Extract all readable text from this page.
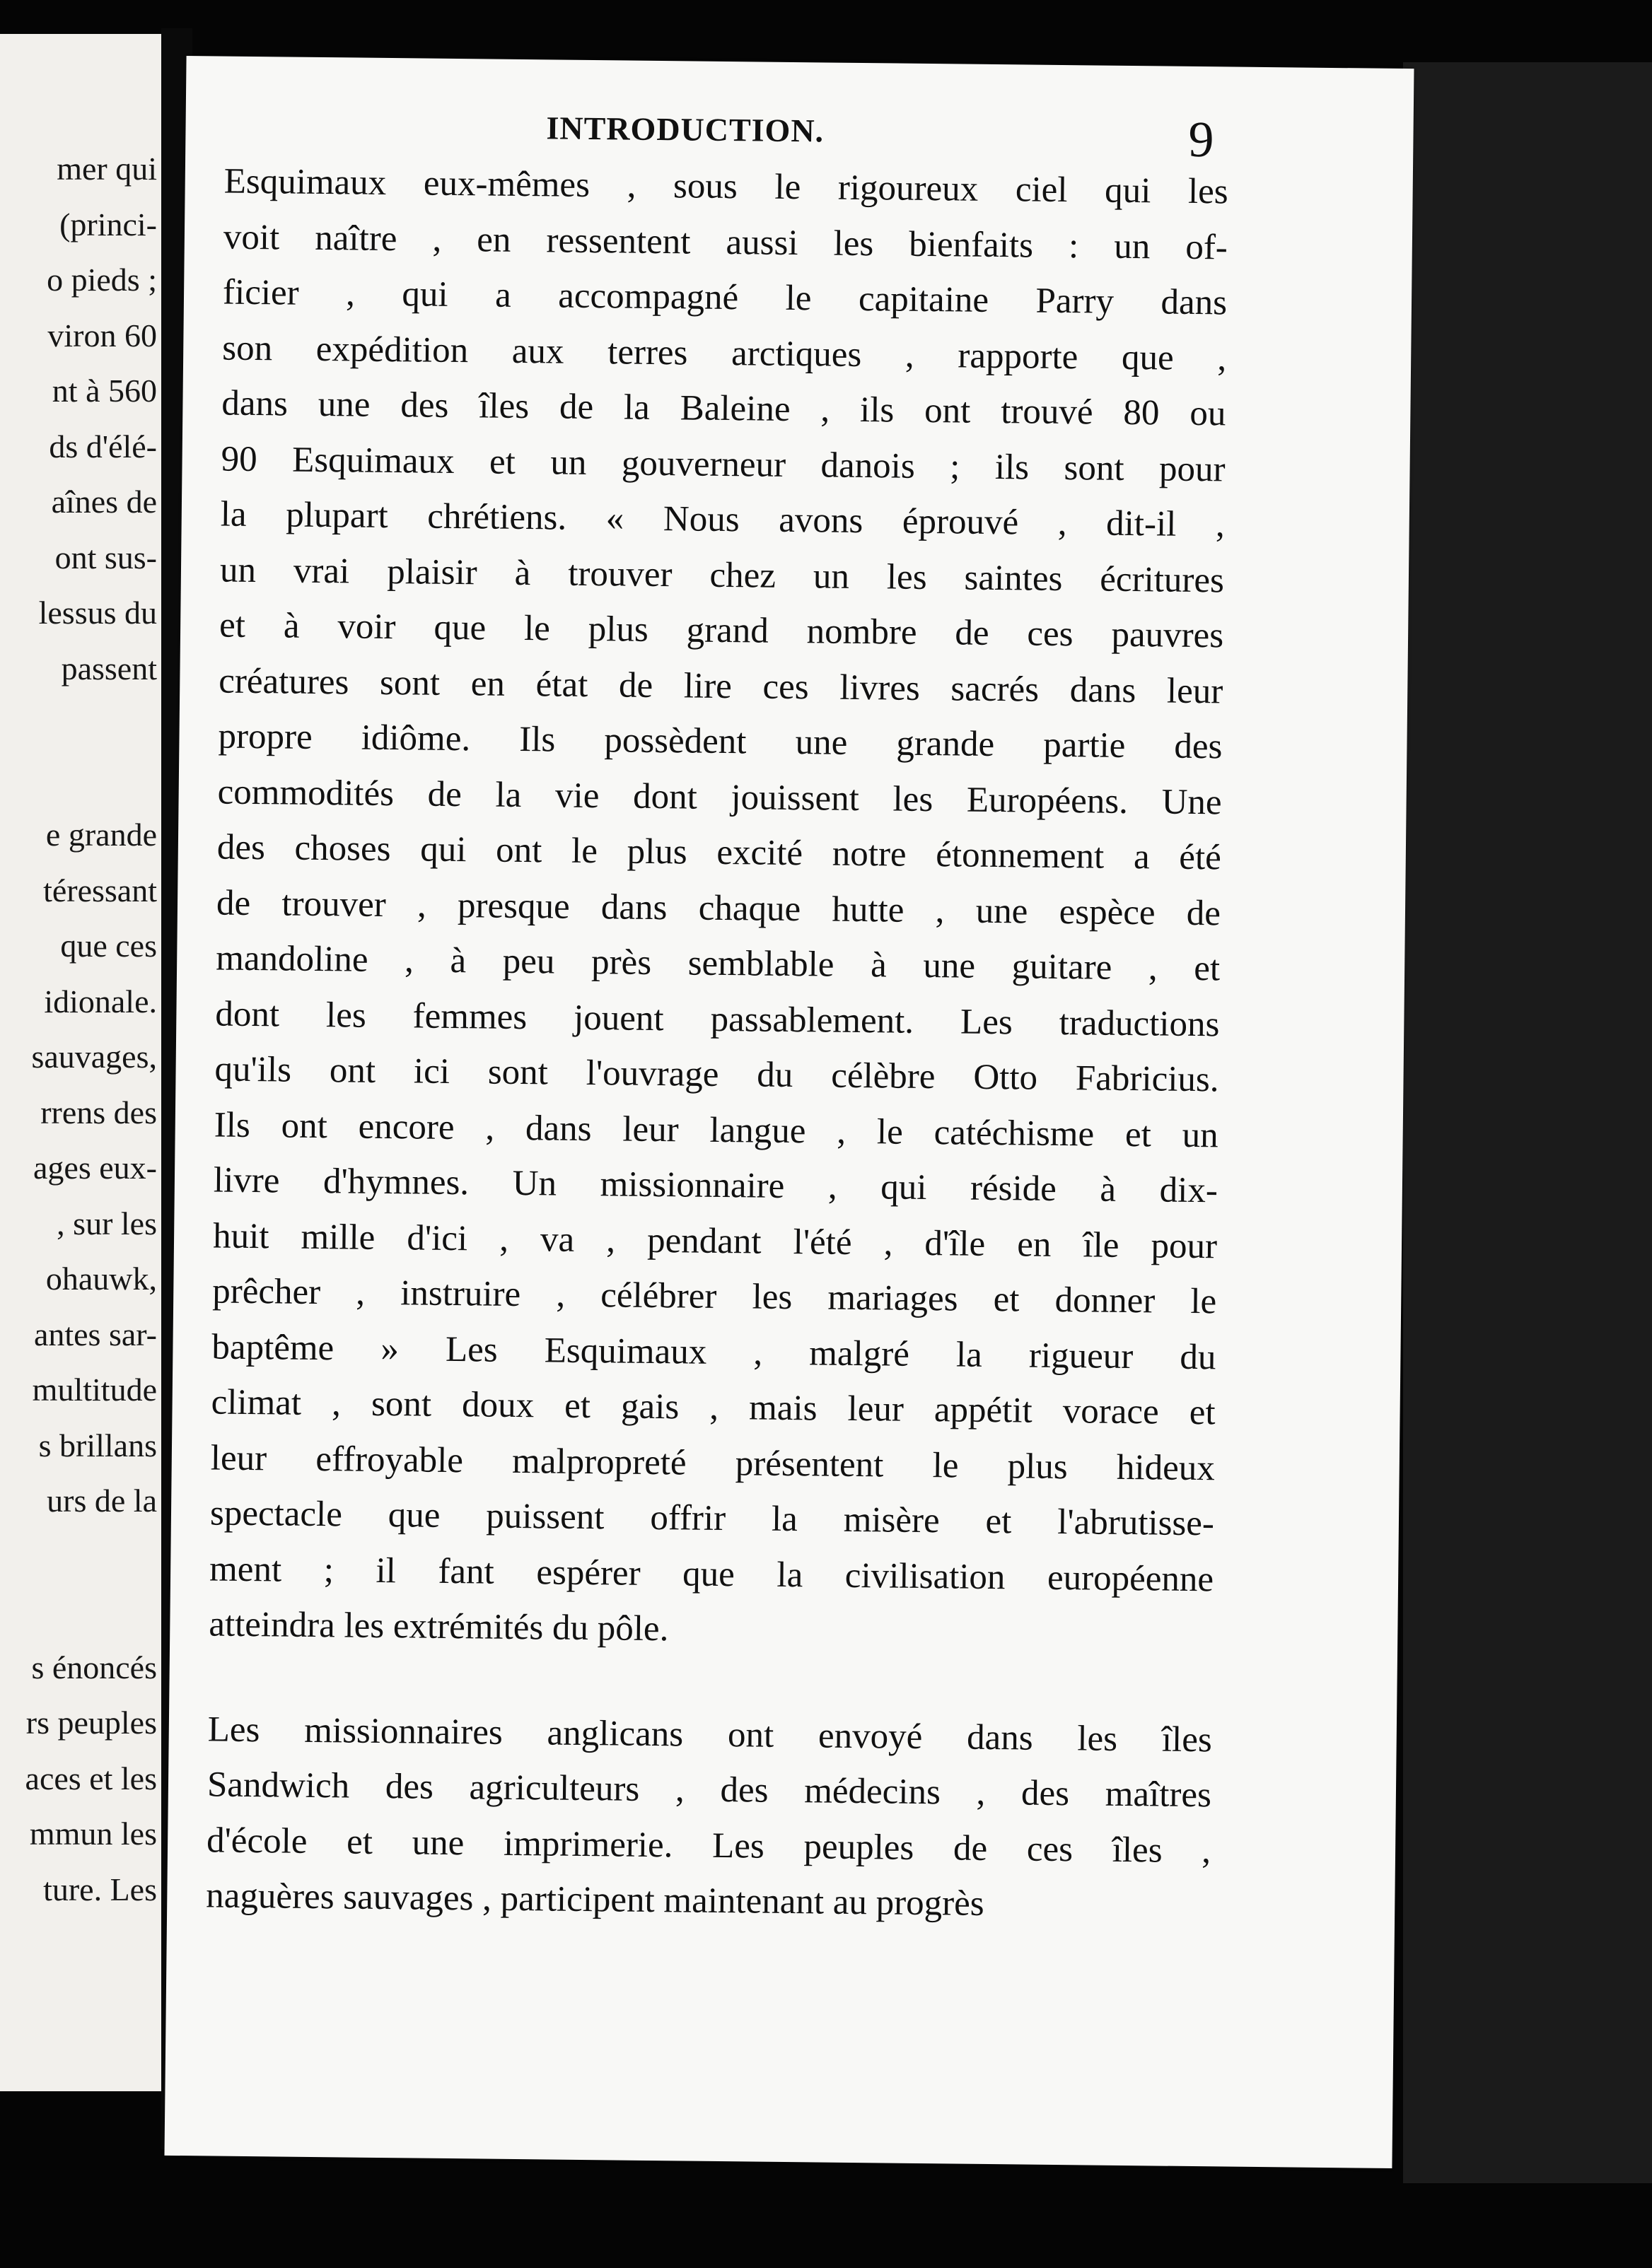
mer qui
(princi-
o pieds ;
viron 60
nt à 560
ds d'élé-
aînes de
ont sus-
lessus du
passent
e grande
téressant
que ces
idionale.
sauvages,
rrens des
ages eux-
, sur les
ohauwk,
antes sar-
multitude
s brillans
urs de la
s énoncés
rs peuples
aces et les
mmun les
ture. Les
INTRODUCTION.	9
Esquimaux eux-mêmes , sous le rigoureux ciel qui les
voit naître , en ressentent aussi les bienfaits : un of-
ficier , qui a accompagné le capitaine Parry dans
son expédition aux terres arctiques , rapporte que ,
dans une des îles de la Baleine , ils ont trouvé 80 ou
90 Esquimaux et un gouverneur danois ; ils sont pour
la plupart chrétiens. « Nous avons éprouvé , dit-il ,
un vrai plaisir à trouver chez un les saintes écritures
et à voir que le plus grand nombre de ces pauvres
créatures sont en état de lire ces livres sacrés dans leur
propre idiôme. Ils possèdent une grande partie des
commodités de la vie dont jouissent les Européens. Une
des choses qui ont le plus excité notre étonnement a été
de trouver , presque dans chaque hutte , une espèce de
mandoline , à peu près semblable à une guitare , et
dont les femmes jouent passablement. Les traductions
qu'ils ont ici sont l'ouvrage du célèbre Otto Fabricius.
Ils ont encore , dans leur langue , le catéchisme et un
livre d'hymnes. Un missionnaire , qui réside à dix-
huit mille d'ici , va , pendant l'été , d'île en île pour
prêcher , instruire , célébrer les mariages et donner le
baptême » Les Esquimaux , malgré la rigueur du
climat , sont doux et gais , mais leur appétit vorace et
leur effroyable malpropreté présentent le plus hideux
spectacle que puissent offrir la misère et l'abrutisse-
ment ; il fant espérer que la civilisation européenne
atteindra les extrémités du pôle.
Les missionnaires anglicans ont envoyé dans les îles
Sandwich des agriculteurs , des médecins , des maîtres
d'école et une imprimerie. Les peuples de ces îles ,
naguères sauvages , participent maintenant au progrès
